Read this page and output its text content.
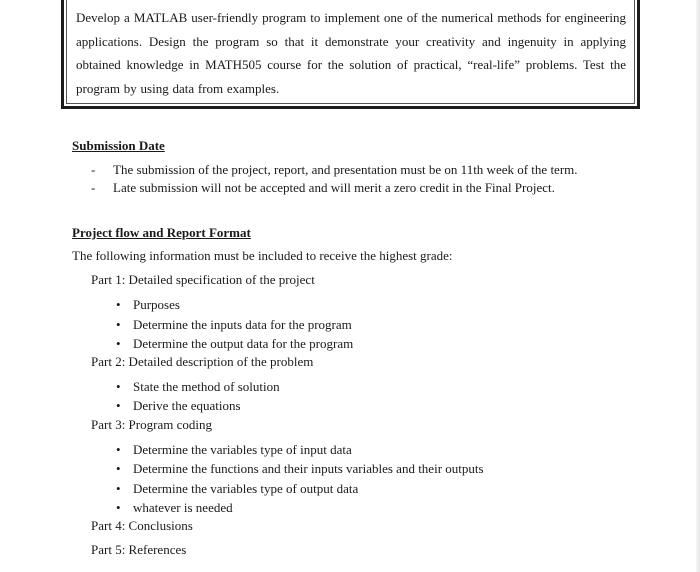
Develop a MATLAB user-friendly program to implement one of the numerical methods for engineering applications. Design the program so that it demonstrate your creativity and ingenuity in applying obtained knowledge in MATH505 course for the solution of practical, “real-life” problems. Test the program by using data from examples.

Submission Date
- The submission of the project, report, and presentation must be on 11th week of the term.
- Late submission will not be accepted and will merit a zero credit in the Final Project.
Project flow and Report Format
The following information must be included to receive the highest grade:
Part 1: Detailed specification of the project
• Purposes
• Determine the inputs data for the program
• Determine the output data for the program
Part 2: Detailed description of the problem
• State the method of solution
• Derive the equations
Part 3: Program coding
• Determine the variables type of input data
• Determine the functions and their inputs variables and their outputs
• Determine the variables type of output data
• whatever is needed
Part 4: Conclusions
Part 5: References
